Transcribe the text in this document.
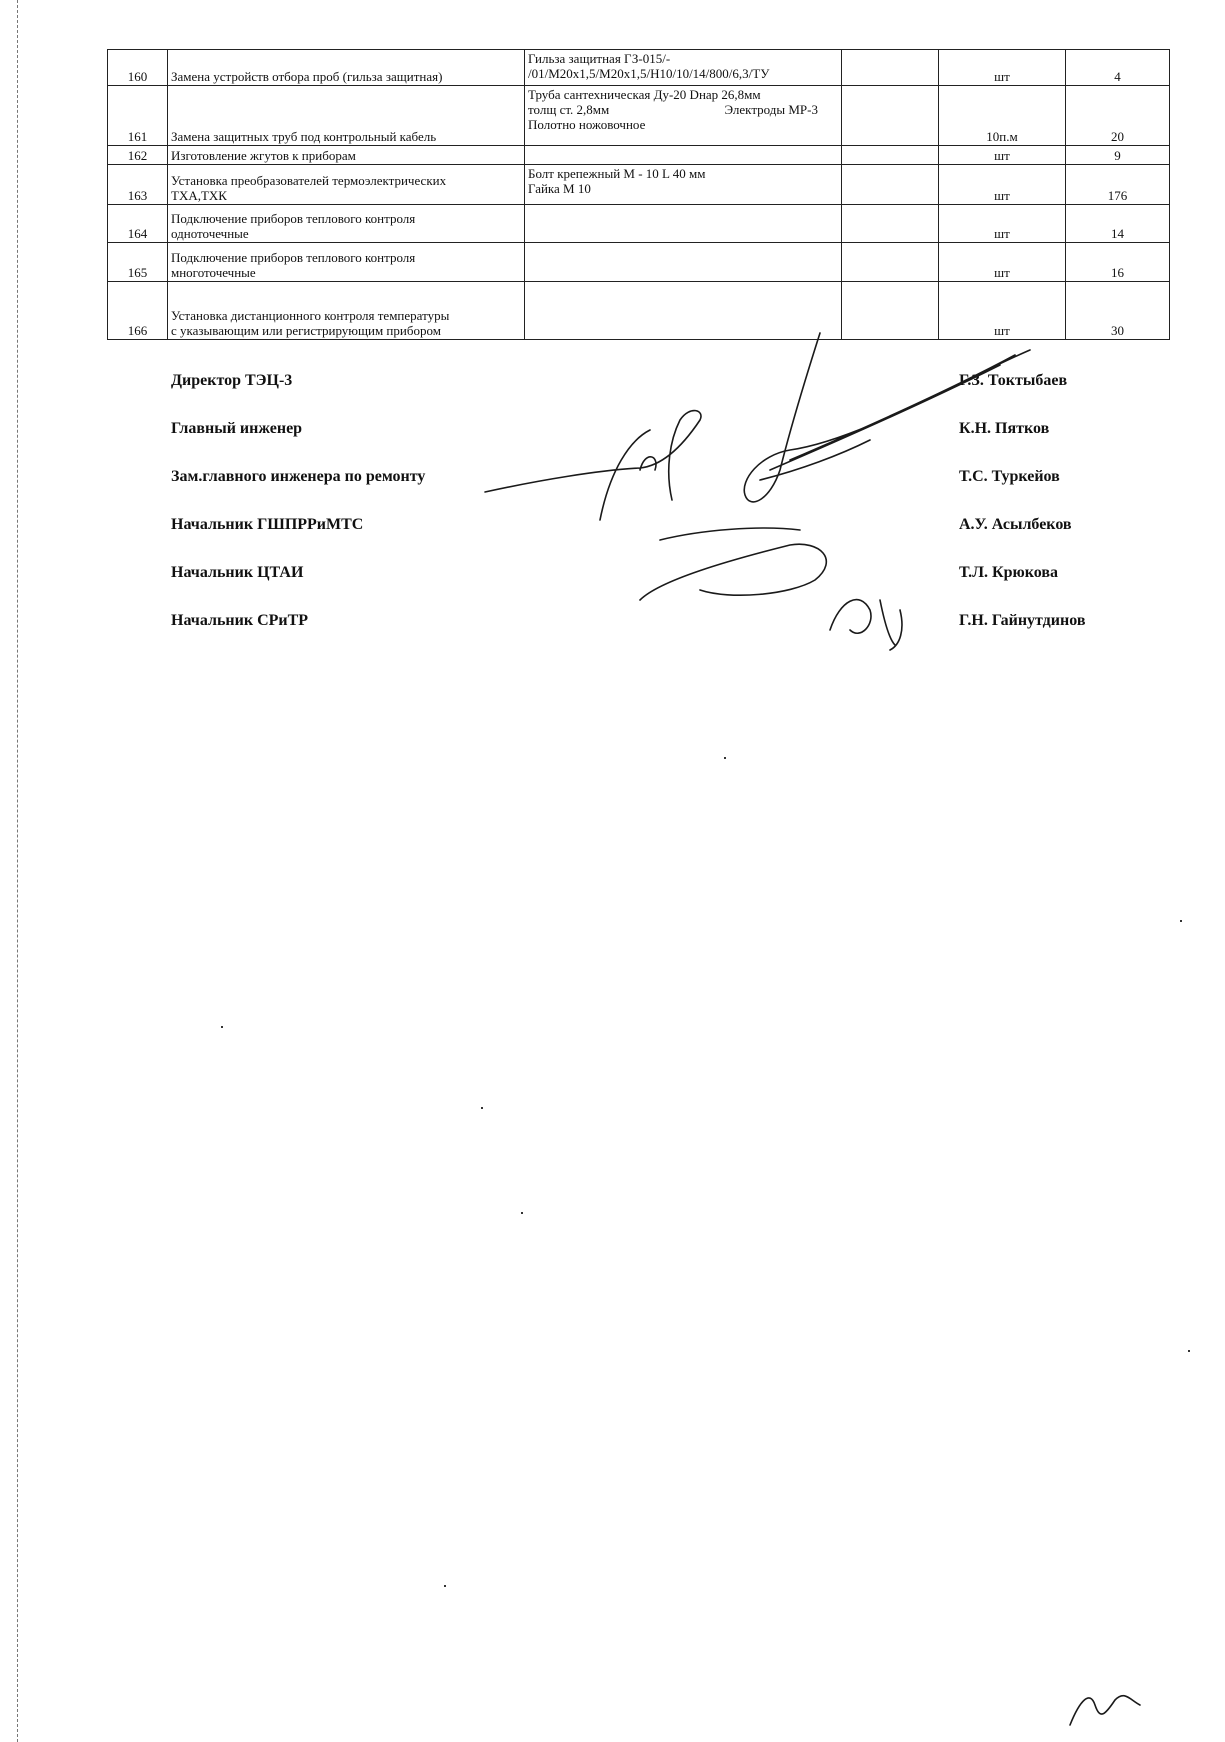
160	Замена устройств отбора проб (гильза защитная)	Гильза защитная ГЗ-015/-
/01/М20х1,5/М20х1,5/Н10/10/14/800/6,3/ТУ		шт	4
161	Замена защитных труб под контрольный кабель	Труба сантехническая Ду-20 Dнар 26,8мм
толщ ст. 2,8мм Электроды МР-3
Полотно ножовочное		10п.м	20
162	Изготовление жгутов к приборам			шт	9
163	Установка преобразователей термоэлектрических
ТХА,ТХК	Болт крепежный М - 10 L 40 мм
Гайка М 10		шт	176
164	Подключение приборов теплового контроля
одноточечные			шт	14
165	Подключение приборов теплового контроля
многоточечные			шт	16
166	Установка дистанционного контроля температуры
с указывающим или регистрирующим прибором			шт	30
Директор ТЭЦ-3	Г.З. Токтыбаев
Главный инженер	К.Н. Пятков
Зам.главного инженера по ремонту	Т.С. Туркейов
Начальник ГШПРРиМТС	А.У. Асылбеков
Начальник ЦТАИ	Т.Л. Крюкова
Начальник СРиТР	Г.Н. Гайнутдинов
